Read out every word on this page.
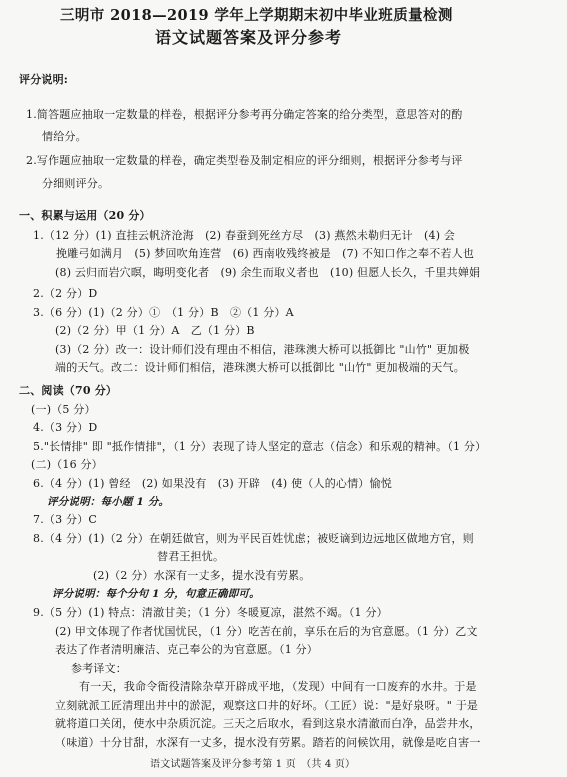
三明市 2018—2019 学年上学期期末初中毕业班质量检测
语文试题答案及评分参考
评分说明:
1.简答题应抽取一定数量的样卷，根据评分参考再分确定答案的给分类型，意思答对的酌
情给分。
2.写作题应抽取一定数量的样卷，确定类型卷及制定相应的评分细则，根据评分参考与评
分细则评分。
一、积累与运用（20 分）
1.（12 分）(1) 直挂云帆济沧海　(2) 春蚕到死丝方尽　(3) 燕然未勒归无计　(4) 会
挽雕弓如满月　(5) 梦回吹角连营　(6) 西南收残终被是　(7) 不知口作之奉不若人也
(8) 云归而岩穴暝，晦明变化者　(9) 余生而取义者也　(10) 但愿人长久，千里共婵娟
2.（2 分）D
3.（6 分）(1)（2 分）①　（1 分）B　②（1 分）A
(2)（2 分）甲（1 分）A　乙（1 分）B
(3)（2 分）改一：设计师们没有理由不相信，港珠澳大桥可以抵御比 "山竹" 更加极
端的天气。改二：设计师们相信，港珠澳大桥可以抵御比 "山竹" 更加极端的天气。
二、阅读（70 分）
(一)（5 分）
4.（3 分）D
5."长情排" 即 "抵作情排"，（1 分）表现了诗人坚定的意志（信念）和乐观的精神。（1 分）
(二)（16 分）
6.（4 分）(1) 曾经　(2) 如果没有　(3) 开辟　(4) 使（人的心情）愉悦
评分说明：每小题 1 分。
7.（3 分）C
8.（4 分）(1)（2 分）在朝廷做官，则为平民百姓忧虑；被贬谪到边远地区做地方官，则
替君王担忧。
(2)（2 分）水深有一丈多，提水没有劳累。
评分说明：每个分句 1 分，句意正确即可。
9.（5 分）(1) 特点：清澈甘美；（1 分）冬暖夏凉，湛然不竭。（1 分）
(2) 甲文体现了作者忧国忧民，（1 分）吃苦在前，享乐在后的为官意愿。（1 分）乙文
表达了作者清明廉洁、克己奉公的为官意愿。（1 分）
参考译文：
有一天，我命令衙役清除杂草开辟成平地，（发现）中间有一口废弃的水井。于是
立刻就派工匠清理出井中的淤泥，观察这口井的好坏。（工匠）说："是好泉呀。" 于是
就将道口关闭，使水中杂质沉淀。三天之后取水，看到这泉水清澈而白净，品尝井水，
（味道）十分甘甜，水深有一丈多，提水没有劳累。踏若的问候饮用，就像是吃自害一
语文试题答案及评分参考第 1 页　（共 4 页）
